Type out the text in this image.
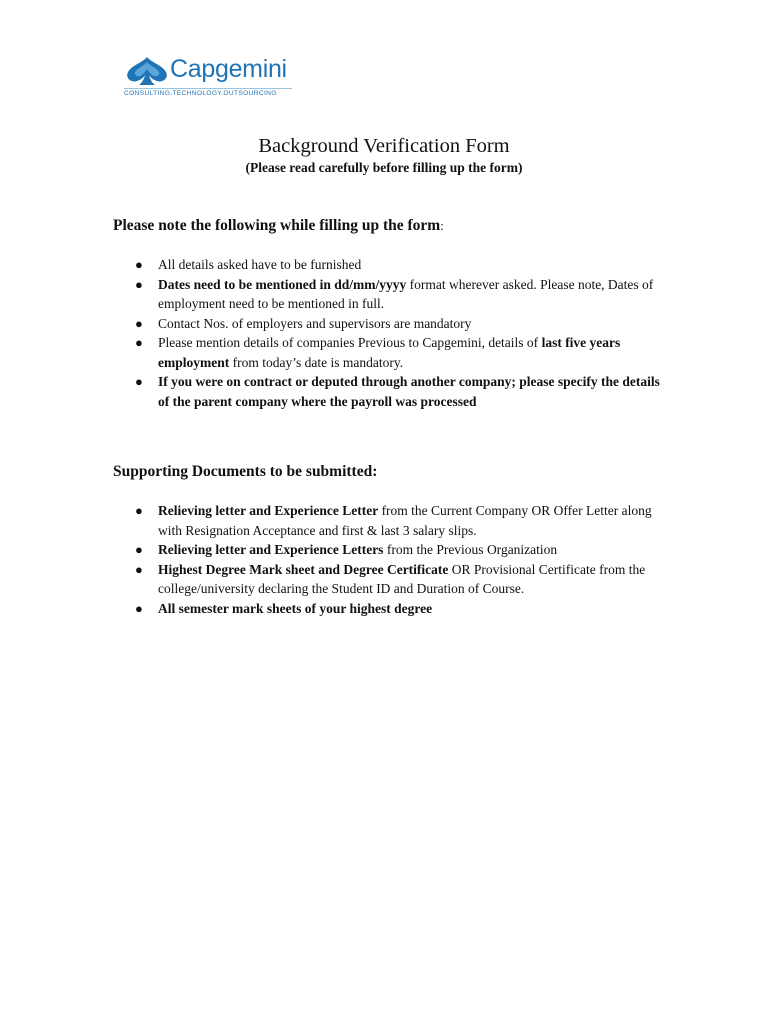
Capgemini
CONSULTING.TECHNOLOGY.OUTSOURCING
Background Verification Form
(Please read carefully before filling up the form)
Please note the following while filling up the form:
● All details asked have to be furnished
● Dates need to be mentioned in dd/mm/yyyy format wherever asked. Please note, Dates of employment need to be mentioned in full.
● Contact Nos. of employers and supervisors are mandatory
● Please mention details of companies Previous to Capgemini, details of last five years employment from today’s date is mandatory.
● If you were on contract or deputed through another company; please specify the details of the parent company where the payroll was processed
Supporting Documents to be submitted:
● Relieving letter and Experience Letter from the Current Company OR Offer Letter along with Resignation Acceptance and first & last 3 salary slips.
● Relieving letter and Experience Letters from the Previous Organization
● Highest Degree Mark sheet and Degree Certificate OR Provisional Certificate from the college/university declaring the Student ID and Duration of Course.
● All semester mark sheets of your highest degree
